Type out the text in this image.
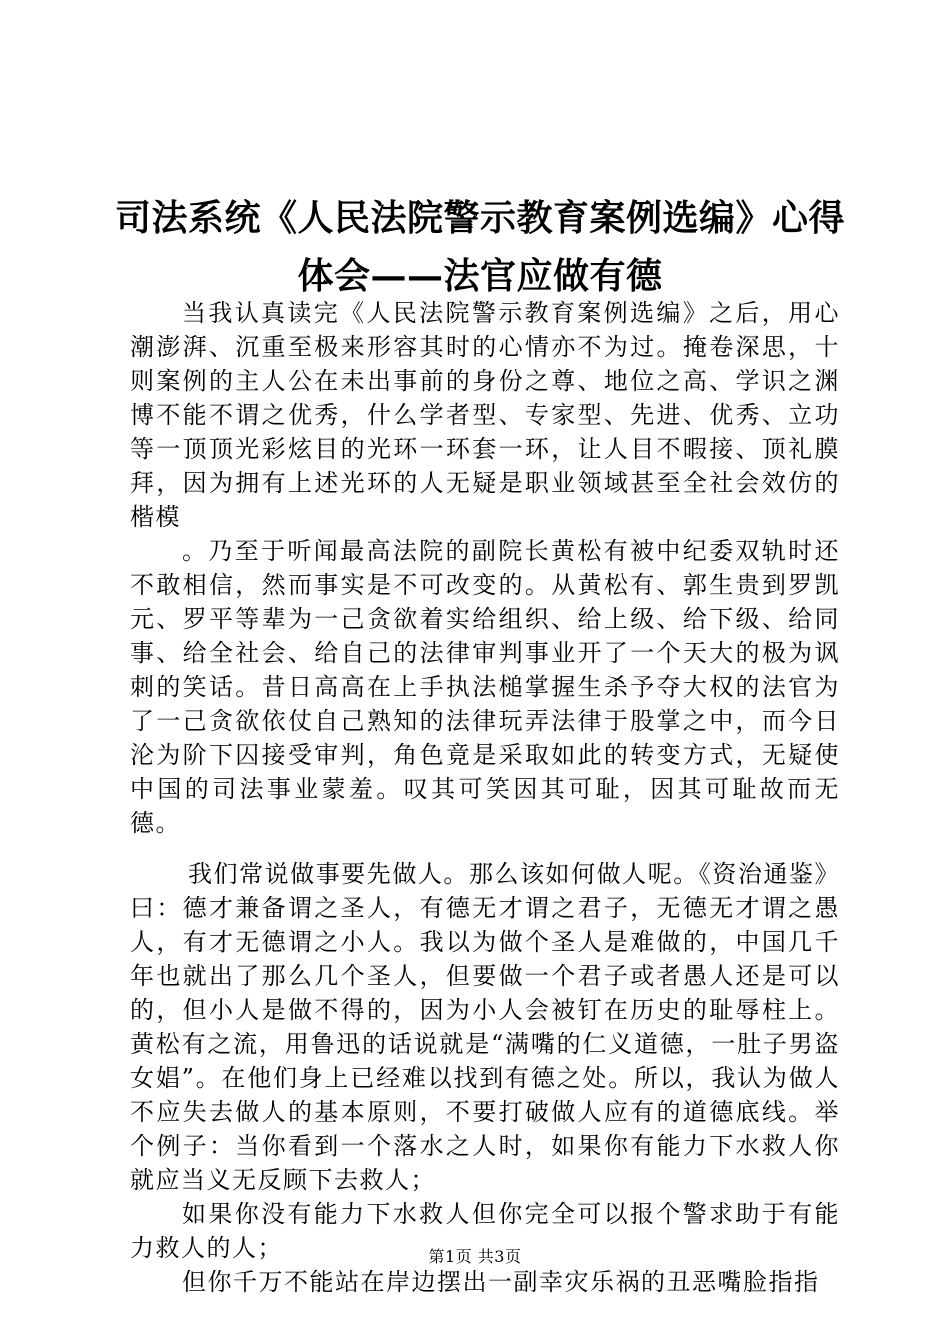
司法系统《人民法院警示教育案例选编》心得
体会——法官应做有德

当我认真读完《人民法院警示教育案例选编》之后，用心潮澎湃、沉重至极来形容其时的心情亦不为过。掩卷深思，十则案例的主人公在未出事前的身份之尊、地位之高、学识之渊博不能不谓之优秀，什么学者型、专家型、先进、优秀、立功等一顶顶光彩炫目的光环一环套一环，让人目不暇接、顶礼膜拜，因为拥有上述光环的人无疑是职业领域甚至全社会效仿的楷模

。乃至于听闻最高法院的副院长黄松有被中纪委双轨时还不敢相信，然而事实是不可改变的。从黄松有、郭生贵到罗凯元、罗平等辈为一己贪欲着实给组织、给上级、给下级、给同事、给全社会、给自己的法律审判事业开了一个天大的极为讽刺的笑话。昔日高高在上手执法槌掌握生杀予夺大权的法官为了一己贪欲依仗自己熟知的法律玩弄法律于股掌之中，而今日沦为阶下囚接受审判，角色竟是采取如此的转变方式，无疑使中国的司法事业蒙羞。叹其可笑因其可耻，因其可耻故而无德。

我们常说做事要先做人。那么该如何做人呢。《资治通鉴》曰：德才兼备谓之圣人，有德无才谓之君子，无德无才谓之愚人，有才无德谓之小人。我以为做个圣人是难做的，中国几千年也就出了那么几个圣人，但要做一个君子或者愚人还是可以的，但小人是做不得的，因为小人会被钉在历史的耻辱柱上。黄松有之流，用鲁迅的话说就是“满嘴的仁义道德，一肚子男盗女娼”。在他们身上已经难以找到有德之处。所以，我认为做人不应失去做人的基本原则，不要打破做人应有的道德底线。举个例子：当你看到一个落水之人时，如果你有能力下水救人你就应当义无反顾下去救人；

如果你没有能力下水救人但你完全可以报个警求助于有能力救人的人；

但你千万不能站在岸边摆出一副幸灾乐祸的丑恶嘴脸指指

第1页 共3页
